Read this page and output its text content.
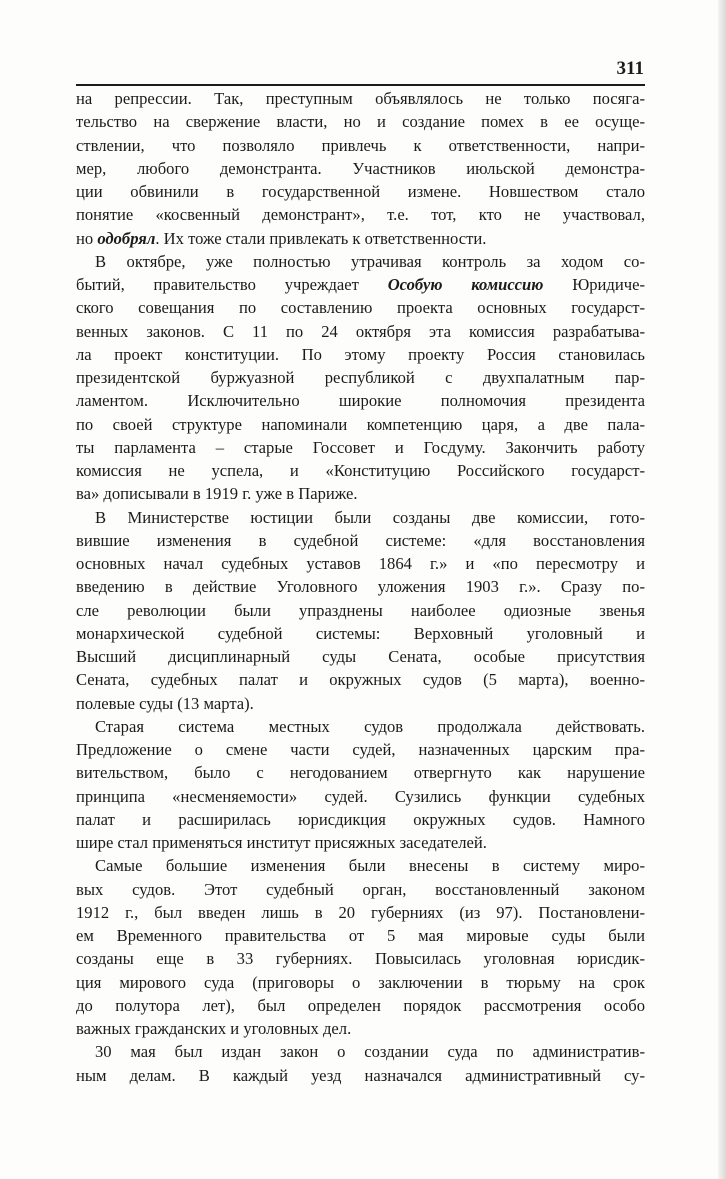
311
на репрессии. Так, преступным объявлялось не только посяга-
тельство на свержение власти, но и создание помех в ее осуще-
ствлении, что позволяло привлечь к ответственности, напри-
мер, любого демонстранта. Участников июльской демонстра-
ции обвинили в государственной измене. Новшеством стало
понятие «косвенный демонстрант», т.е. тот, кто не участвовал,
но одобрял. Их тоже стали привлекать к ответственности.
В октябре, уже полностью утрачивая контроль за ходом со-
бытий, правительство учреждает Особую комиссию Юридиче-
ского совещания по составлению проекта основных государст-
венных законов. С 11 по 24 октября эта комиссия разрабатыва-
ла проект конституции. По этому проекту Россия становилась
президентской буржуазной республикой с двухпалатным пар-
ламентом. Исключительно широкие полномочия президента
по своей структуре напоминали компетенцию царя, а две пала-
ты парламента – старые Госсовет и Госдуму. Закончить работу
комиссия не успела, и «Конституцию Российского государст-
ва» дописывали в 1919 г. уже в Париже.
В Министерстве юстиции были созданы две комиссии, гото-
вившие изменения в судебной системе: «для восстановления
основных начал судебных уставов 1864 г.» и «по пересмотру и
введению в действие Уголовного уложения 1903 г.». Сразу по-
сле революции были упразднены наиболее одиозные звенья
монархической судебной системы: Верховный уголовный и
Высший дисциплинарный суды Сената, особые присутствия
Сената, судебных палат и окружных судов (5 марта), военно-
полевые суды (13 марта).
Старая система местных судов продолжала действовать.
Предложение о смене части судей, назначенных царским пра-
вительством, было с негодованием отвергнуто как нарушение
принципа «несменяемости» судей. Сузились функции судебных
палат и расширилась юрисдикция окружных судов. Намного
шире стал применяться институт присяжных заседателей.
Самые большие изменения были внесены в систему миро-
вых судов. Этот судебный орган, восстановленный законом
1912 г., был введен лишь в 20 губерниях (из 97). Постановлени-
ем Временного правительства от 5 мая мировые суды были
созданы еще в 33 губерниях. Повысилась уголовная юрисдик-
ция мирового суда (приговоры о заключении в тюрьму на срок
до полутора лет), был определен порядок рассмотрения особо
важных гражданских и уголовных дел.
30 мая был издан закон о создании суда по административ-
ным делам. В каждый уезд назначался административный су-
